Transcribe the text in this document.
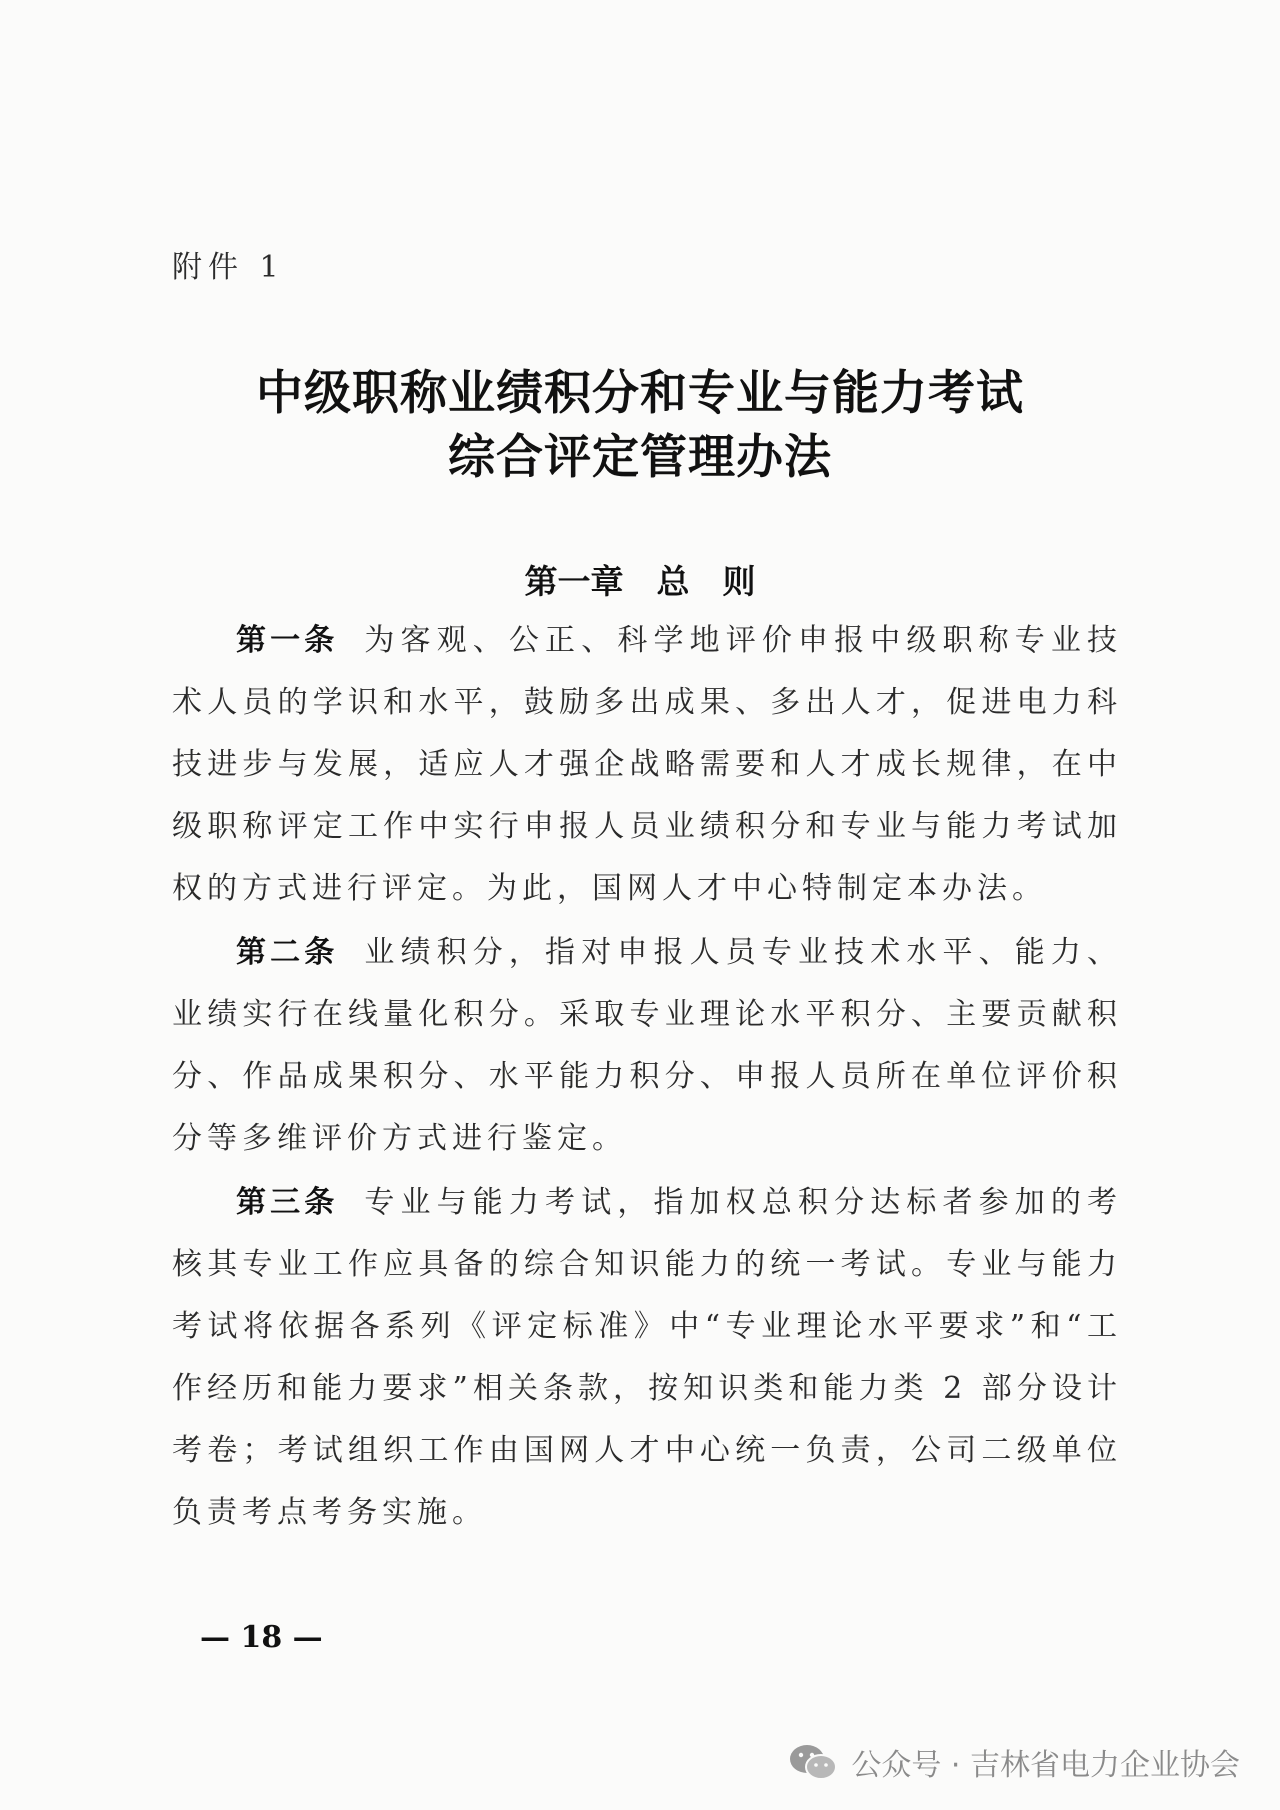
附件 1
中级职称业绩积分和专业与能力考试
综合评定管理办法
第一章　总　则
第一条 为客观、公正、科学地评价申报中级职称专业技术人员的学识和水平，鼓励多出成果、多出人才，促进电力科技进步与发展，适应人才强企战略需要和人才成长规律，在中级职称评定工作中实行申报人员业绩积分和专业与能力考试加权的方式进行评定。为此，国网人才中心特制定本办法。
第二条 业绩积分，指对申报人员专业技术水平、能力、业绩实行在线量化积分。采取专业理论水平积分、主要贡献积分、作品成果积分、水平能力积分、申报人员所在单位评价积分等多维评价方式进行鉴定。
第三条 专业与能力考试，指加权总积分达标者参加的考核其专业工作应具备的综合知识能力的统一考试。专业与能力考试将依据各系列《评定标准》中“专业理论水平要求”和“工作经历和能力要求”相关条款，按知识类和能力类 2 部分设计考卷；考试组织工作由国网人才中心统一负责，公司二级单位负责考点考务实施。
— 18 —
公众号 · 吉林省电力企业协会
